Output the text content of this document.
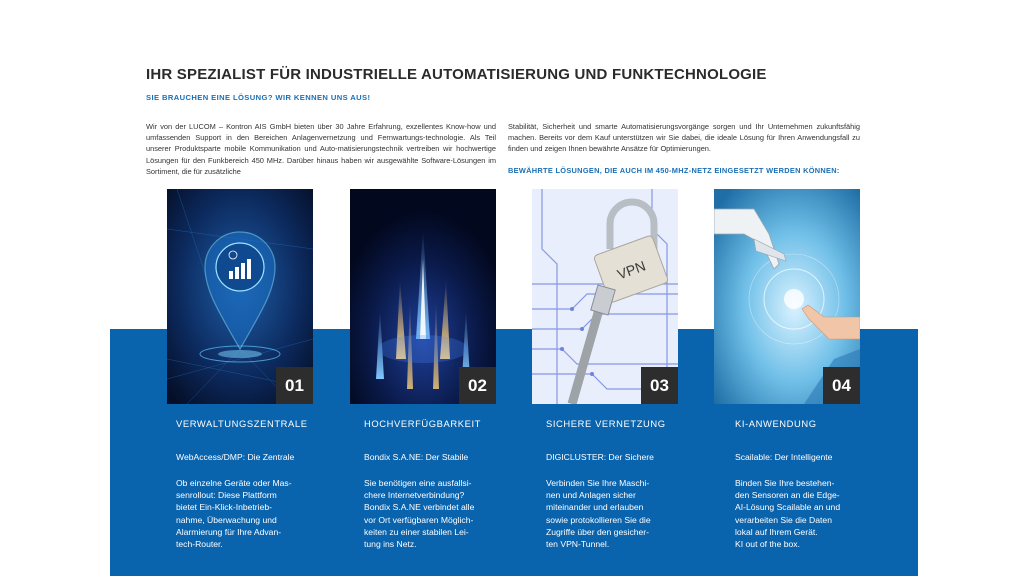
IHR SPEZIALIST FÜR INDUSTRIELLE AUTOMATISIERUNG UND FUNKTECHNOLOGIE
SIE BRAUCHEN EINE LÖSUNG? WIR KENNEN UNS AUS!
Wir von der LUCOM – Kontron AIS GmbH bieten über 30 Jahre Erfahrung, exzellentes Know-how und umfassenden Support in den Bereichen Anlagenvernetzung und Fernwartungs-technologie. Als Teil unserer Produktsparte mobile Kommunikation und Auto-matisierungstechnik vertreiben wir hochwertige Lösungen für den Funkbereich 450 MHz. Darüber hinaus haben wir ausgewählte Software-Lösungen im Sortiment, die für zusätzliche
Stabilität, Sicherheit und smarte Automatisierungsvorgänge sorgen und Ihr Unternehmen zukunftsfähig machen. Bereits vor dem Kauf unterstützen wir Sie dabei, die ideale Lösung für Ihren Anwendungsfall zu finden und zeigen Ihnen bewährte Ansätze für Optimierungen.
BEWÄHRTE LÖSUNGEN, DIE AUCH IM 450-MHZ-NETZ EINGESETZT WERDEN KÖNNEN:
01	02
VPN
03	04
VERWALTUNGSZENTRALE
WebAccess/DMP: Die Zentrale
Ob einzelne Geräte oder Mas-
senrollout: Diese Plattform
bietet Ein-Klick-Inbetrieb-
nahme, Überwachung und
Alarmierung für Ihre Advan-
tech-Router.
HOCHVERFÜGBARKEIT
Bondix S.A.NE: Der Stabile
Sie benötigen eine ausfallsi-
chere Internetverbindung?
Bondix S.A.NE verbindet alle
vor Ort verfügbaren Möglich-
keiten zu einer stabilen Lei-
tung ins Netz.
SICHERE VERNETZUNG
DIGICLUSTER: Der Sichere
Verbinden Sie Ihre Maschi-
nen und Anlagen sicher
miteinander und erlauben
sowie protokollieren Sie die
Zugriffe über den gesicher-
ten VPN-Tunnel.
KI-ANWENDUNG
Scailable: Der Intelligente
Binden Sie Ihre bestehen-
den Sensoren an die Edge-
AI-Lösung Scailable an und
verarbeiten Sie die Daten
lokal auf Ihrem Gerät.
KI out of the box.
